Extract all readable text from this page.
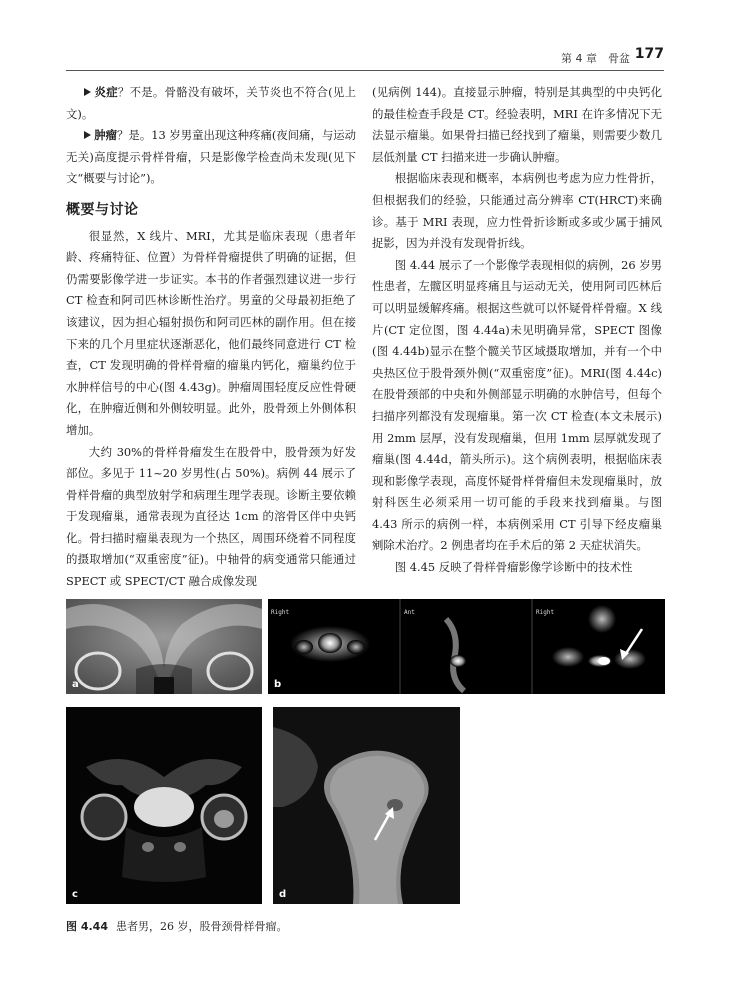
第 4 章　骨盆 177

炎症？不是。骨骼没有破坏，关节炎也不符合(见上文)。

肿瘤？是。13 岁男童出现这种疼痛(夜间痛，与运动无关)高度提示骨样骨瘤，只是影像学检查尚未发现(见下文“概要与讨论”)。

概要与讨论

很显然，X 线片、MRI，尤其是临床表现（患者年龄、疼痛特征、位置）为骨样骨瘤提供了明确的证据，但仍需要影像学进一步证实。本书的作者强烈建议进一步行 CT 检查和阿司匹林诊断性治疗。男童的父母最初拒绝了该建议，因为担心辐射损伤和阿司匹林的副作用。但在接下来的几个月里症状逐渐恶化，他们最终同意进行 CT 检查，CT 发现明确的骨样骨瘤的瘤巢内钙化，瘤巢约位于水肿样信号的中心(图 4.43g)。肿瘤周围轻度反应性骨硬化，在肿瘤近侧和外侧较明显。此外，股骨颈上外侧体积增加。

大约 30%的骨样骨瘤发生在股骨中，股骨颈为好发部位。多见于 11~20 岁男性(占 50%)。病例 44 展示了骨样骨瘤的典型放射学和病理生理学表现。诊断主要依赖于发现瘤巢，通常表现为直径达 1cm 的溶骨区伴中央钙化。骨扫描时瘤巢表现为一个热区，周围环绕着不同程度的摄取增加(“双重密度”征)。中轴骨的病变通常只能通过 SPECT 或 SPECT/CT 融合成像发现

(见病例 144)。直接显示肿瘤，特别是其典型的中央钙化的最佳检查手段是 CT。经验表明，MRI 在许多情况下无法显示瘤巢。如果骨扫描已经找到了瘤巢，则需要少数几层低剂量 CT 扫描来进一步确认肿瘤。

根据临床表现和概率，本病例也考虑为应力性骨折，但根据我们的经验，只能通过高分辨率 CT(HRCT)来确诊。基于 MRI 表现，应力性骨折诊断或多或少属于捕风捉影，因为并没有发现骨折线。

图 4.44 展示了一个影像学表现相似的病例，26 岁男性患者，左髋区明显疼痛且与运动无关，使用阿司匹林后可以明显缓解疼痛。根据这些就可以怀疑骨样骨瘤。X 线片(CT 定位图，图 4.44a)未见明确异常，SPECT 图像(图 4.44b)显示在整个髋关节区域摄取增加，并有一个中央热区位于股骨颈外侧(“双重密度”征)。MRI(图 4.44c)在股骨颈部的中央和外侧部显示明确的水肿信号，但每个扫描序列都没有发现瘤巢。第一次 CT 检查(本文未展示)用 2mm 层厚，没有发现瘤巢，但用 1mm 层厚就发现了瘤巢(图 4.44d，箭头所示)。这个病例表明，根据临床表现和影像学表现，高度怀疑骨样骨瘤但未发现瘤巢时，放射科医生必须采用一切可能的手段来找到瘤巢。与图 4.43 所示的病例一样，本病例采用 CT 引导下经皮瘤巢剜除术治疗。2 例患者均在手术后的第 2 天症状消失。

图 4.45 反映了骨样骨瘤影像学诊断中的技术性

a
Right	Ant	Right
b
c	d
图 4.44 患者男，26 岁，股骨颈骨样骨瘤。
